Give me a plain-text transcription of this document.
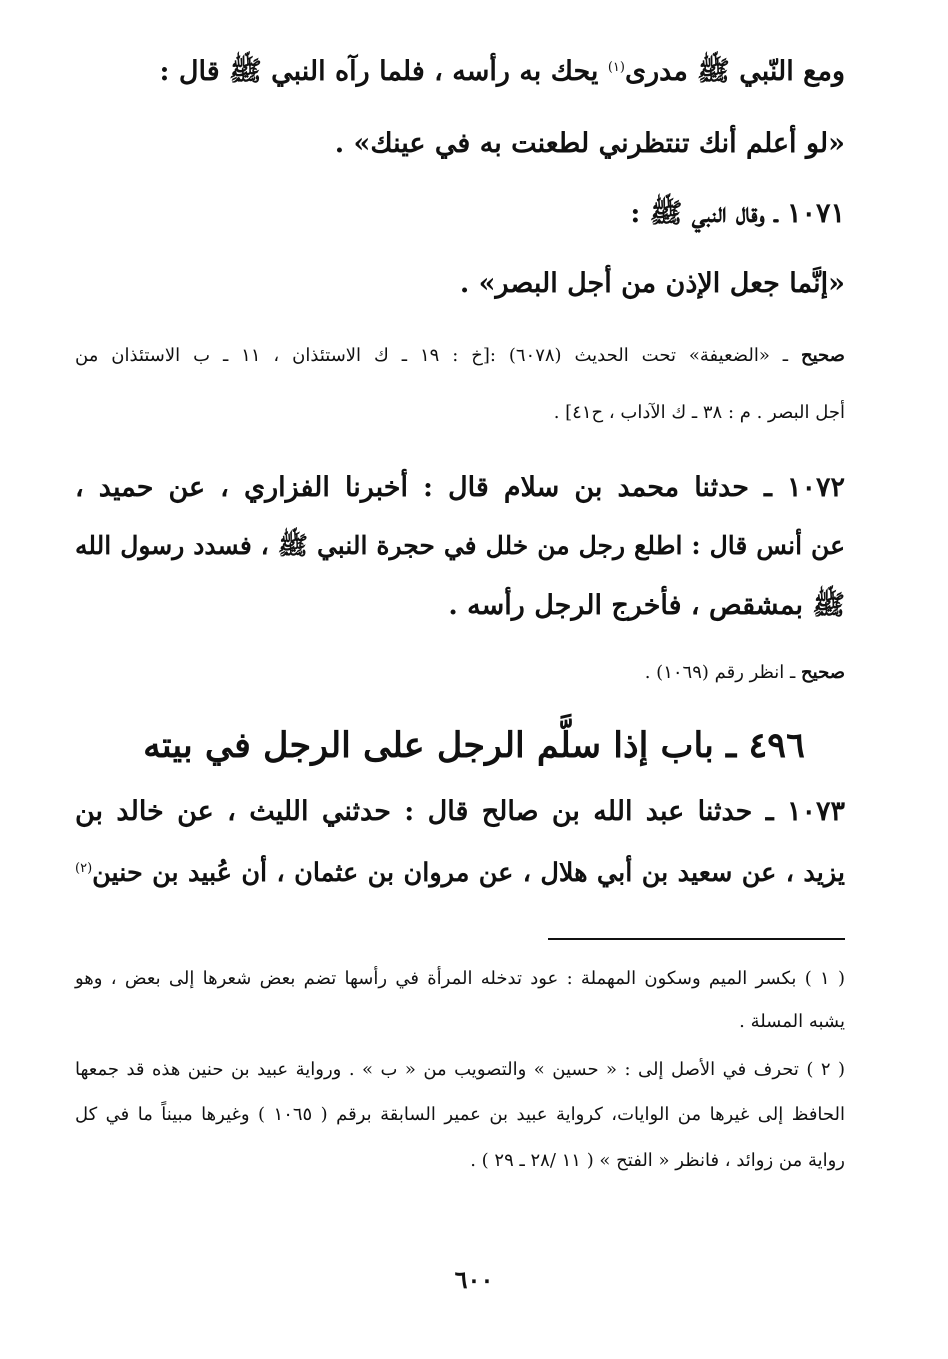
ومع النّبي ﷺ مدرى$^{(١)}$ يحك به رأسه ، فلما رآه النبي ﷺ قال :
«لو أعلم أنك تنتظرني لطعنت به في عينك» .
١٠٧١ ـ وقال النبي ﷺ :
«إنَّما جعل الإذن من أجل البصر» .
صحيح ـ «الضعيفة» تحت الحديث (٦٠٧٨) :[خ : ١٩ ـ ك الاستئذان ، ١١ ـ ب الاستئذان من
أجل البصر . م : ٣٨ ـ ك الآداب ، ح٤١] .
١٠٧٢ ـ حدثنا محمد بن سلام قال : أخبرنا الفزاري ، عن حميد ،
عن أنس قال : اطلع رجل من خلل في حجرة النبي ﷺ ، فسدد رسول الله
ﷺ بمشقص ، فأخرج الرجل رأسه .
صحيح ـ انظر رقم (١٠٦٩) .
٤٩٦ ـ باب إذا سلَّم الرجل على الرجل في بيته
١٠٧٣ ـ حدثنا عبد الله بن صالح قال : حدثني الليث ، عن خالد بن
يزيد ، عن سعيد بن أبي هلال ، عن مروان بن عثمان ، أن عُبيد بن حنين$^{(٢)}$
( ١ ) بكسر الميم وسكون المهملة : عود تدخله المرأة في رأسها تضم بعض شعرها إلى بعض ، وهو
يشبه المسلة .
( ٢ ) تحرف في الأصل إلى : « حسين » والتصويب من « ب » . ورواية عبيد بن حنين هذه قد جمعها
الحافظ إلى غيرها من الوايات، كرواية عبيد بن عمير السابقة برقم ( ١٠٦٥ ) وغيرها مبيناً ما في كل
رواية من زوائد ، فانظر « الفتح » ( ١١ /٢٨ ـ ٢٩ ) .
٦٠٠
